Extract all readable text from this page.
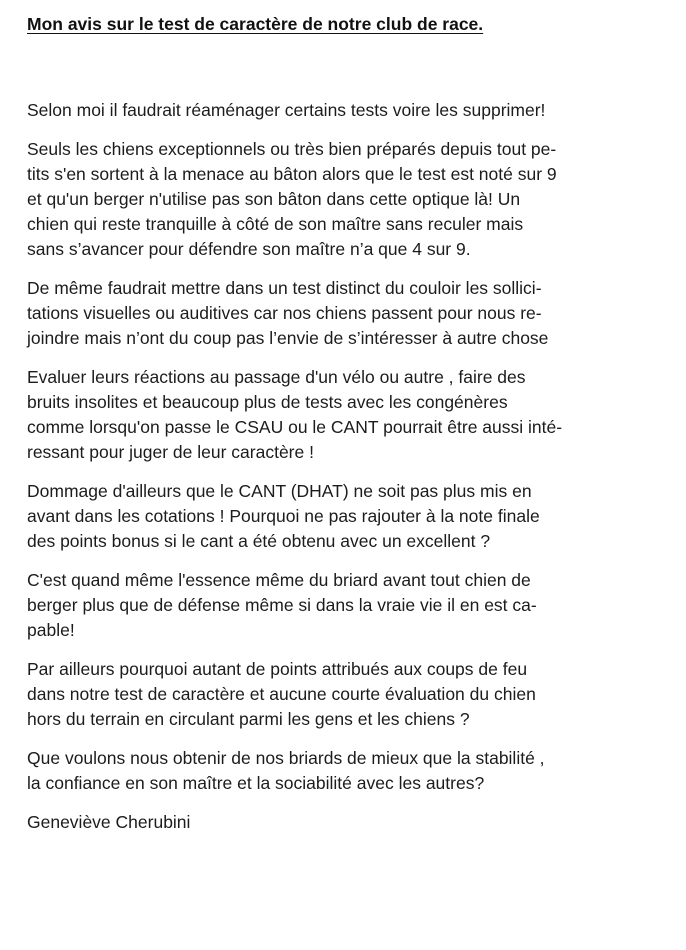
Mon avis sur le test de caractère de notre club de race.

Selon moi il faudrait réaménager certains tests voire les supprimer!

Seuls les chiens exceptionnels ou très bien préparés depuis tout pe-
tits s'en sortent à la menace au bâton alors que le test est noté sur 9
et qu'un berger n'utilise pas son bâton dans cette optique là! Un
chien qui reste tranquille à côté de son maître sans reculer mais
sans s’avancer pour défendre son maître n’a que 4 sur 9.

De même faudrait mettre dans un test distinct du couloir les sollici-
tations visuelles ou auditives car nos chiens passent pour nous re-
joindre mais n’ont du coup pas l’envie de s’intéresser à autre chose

Evaluer leurs réactions au passage d'un vélo ou autre , faire des
bruits insolites et beaucoup plus de tests avec les congénères
comme lorsqu'on passe le CSAU ou le CANT pourrait être aussi inté-
ressant pour juger de leur caractère !

Dommage d'ailleurs que le CANT (DHAT) ne soit pas plus mis en
avant dans les cotations ! Pourquoi ne pas rajouter à la note finale
des points bonus si le cant a été obtenu avec un excellent ?

C'est quand même l'essence même du briard avant tout chien de
berger plus que de défense même si dans la vraie vie il en est ca-
pable!

Par ailleurs pourquoi autant de points attribués aux coups de feu
dans notre test de caractère et aucune courte évaluation du chien
hors du terrain en circulant parmi les gens et les chiens ?

Que voulons nous obtenir de nos briards de mieux que la stabilité ,
la confiance en son maître et la sociabilité avec les autres?

Geneviève Cherubini
